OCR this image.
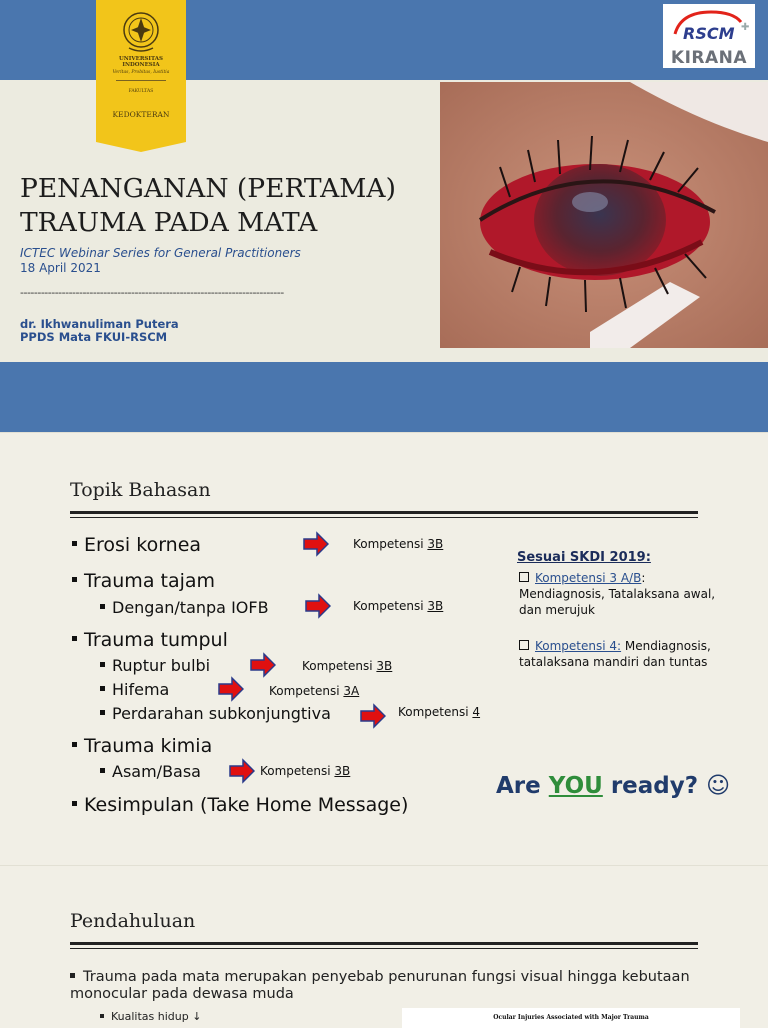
UNIVERSITAS
INDONESIA
Veritas, Probitas, Iustitia
FAKULTAS
KEDOKTERAN
RSCM ✚
KIRANA
PENANGANAN (PERTAMA)
TRAUMA PADA MATA
ICTEC Webinar Series for General Practitioners
18 April 2021
----------------------------------------------------------------------------
dr. Ikhwanuliman Putera
PPDS Mata FKUI-RSCM
Topik Bahasan
Erosi kornea	Kompetensi 3B
Trauma tajam
Dengan/tanpa IOFB	Kompetensi 3B
Trauma tumpul
Ruptur bulbi	Kompetensi 3B
Hifema	Kompetensi 3A
Perdarahan subkonjungtiva	Kompetensi 4
Trauma kimia
Asam/Basa	Kompetensi 3B
Kesimpulan (Take Home Message)
Sesuai SKDI 2019:
Kompetensi 3 A/B: Mendiagnosis, Tatalaksana awal, dan merujuk
Kompetensi 4: Mendiagnosis, tatalaksana mandiri dan tuntas
Are YOU ready? ☺
Pendahuluan
Trauma pada mata merupakan penyebab penurunan fungsi visual hingga kebutaan monocular pada dewasa muda
Kualitas hidup ↓	Ocular Injuries Associated with Major Trauma
